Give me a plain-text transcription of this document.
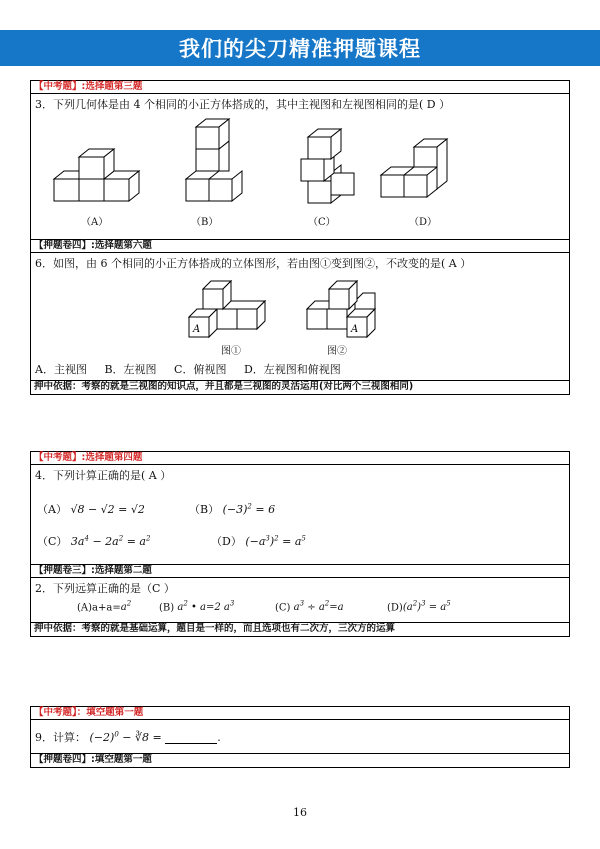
我们的尖刀精准押题课程
【中考题】:选择题第三题
3．下列几何体是由 4 个相同的小正方体搭成的，其中主视图和左视图相同的是( D ）
（A）	（B）	（C）	（D）
【押题卷四】:选择题第六题
6．如图，由 6 个相同的小正方体搭成的立体图形，若由图①变到图②，不改变的是( A ）
A	A
图①	图②
A．主视图 B．左视图 C．俯视图 D．左视图和俯视图
押中依据：考察的就是三视图的知识点，并且都是三视图的灵活运用(对比两个三视图相同)
【中考题】:选择题第四题
4．下列计算正确的是( A ）
（A） √8 − √2 = √2	（B） $(-3)^2 = 6$
（C） $3a^4 - 2a^2 = a^2$	（D） $(-a^3)^2 = a^5$
【押题卷三】:选择题第二题
2．下列远算正确的是（C ）
$(A)a+a=a^2$	(B) $a^2$ • a=2 $a^3$	(C) $a^3 \div a^2=a$	$(D)(a^2)^3 = a^5$
押中依据：考察的就是基础运算，题目是一样的，而且选项也有二次方，三次方的运算
【中考题】：填空题第一题
9．计算： $(-2)^0$ − ∛8 =	.
【押题卷四】:填空题第一题
16
